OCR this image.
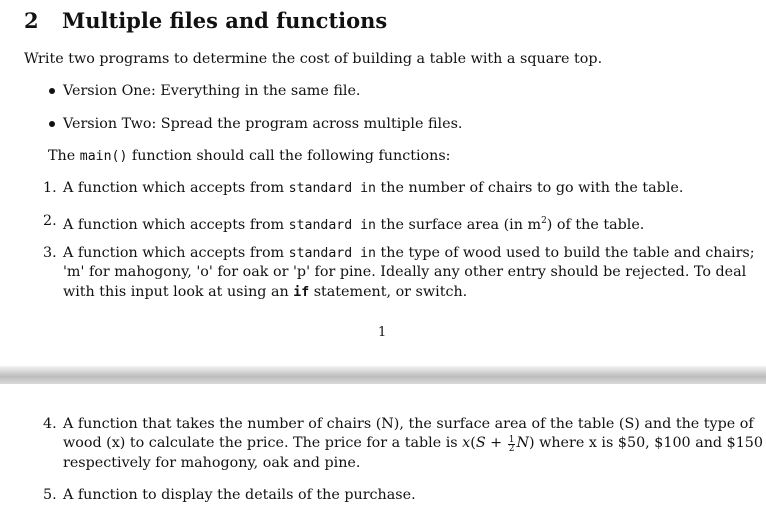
2 Multiple files and functions
Write two programs to determine the cost of building a table with a square top.
Version One: Everything in the same file.
Version Two: Spread the program across multiple files.
The main() function should call the following functions:
1. A function which accepts from standard in the number of chairs to go with the table.
2. A function which accepts from standard in the surface area (in $m^2$) of the table.
3. A function which accepts from standard in the type of wood used to build the table and chairs;
'm' for mahogony, 'o' for oak or 'p' for pine. Ideally any other entry should be rejected. To deal
with this input look at using an if statement, or switch.
1
4. A function that takes the number of chairs (N), the surface area of the table (S) and the type of
wood (x) to calculate the price. The price for a table is $x(S + \frac{1}{2} N)$ where x is $50, $100 and $150
respectively for mahogony, oak and pine.
5. A function to display the details of the purchase.
